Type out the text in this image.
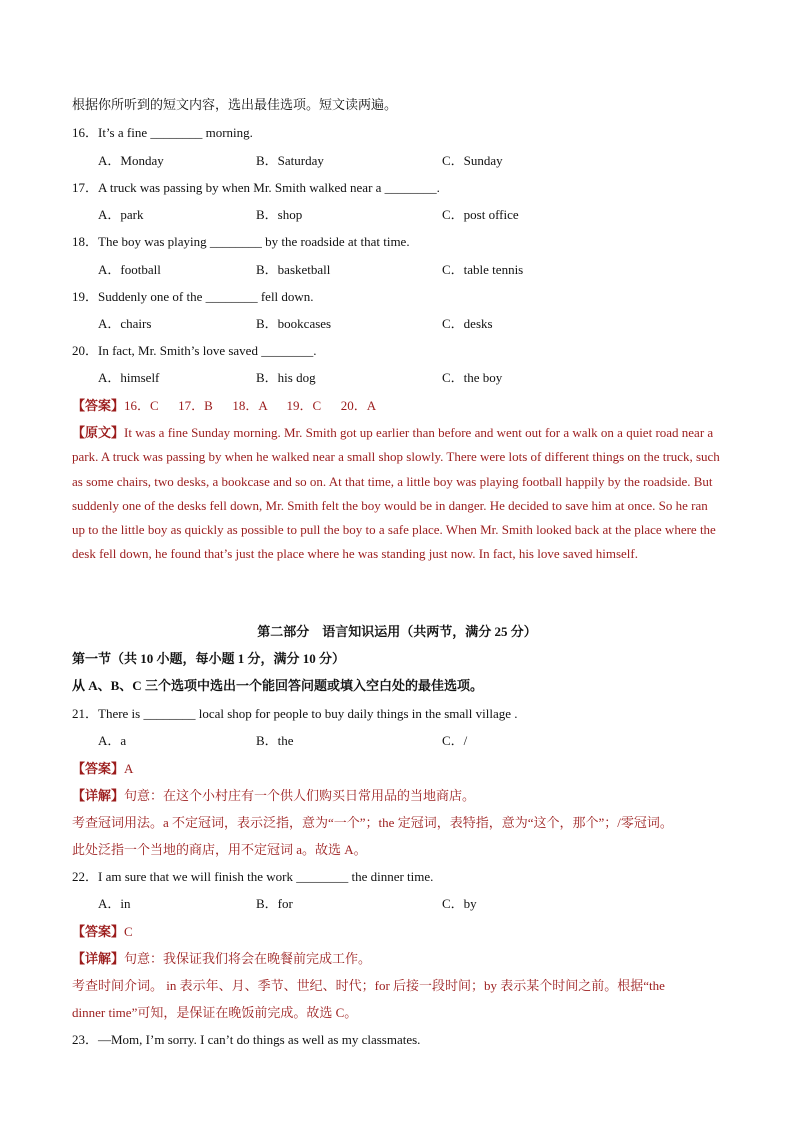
根据你所听到的短文内容，选出最佳选项。短文读两遍。
16．It’s a fine ________ morning.
A．Monday	B．Saturday	C．Sunday
17．A truck was passing by when Mr. Smith walked near a ________.
A．park	B．shop	C．post office
18．The boy was playing ________ by the roadside at that time.
A．football	B．basketball	C．table tennis
19．Suddenly one of the ________ fell down.
A．chairs	B．bookcases	C．desks
20．In fact, Mr. Smith’s love saved ________.
A．himself	B．his dog	C．the boy
【答案】16．C      17．B      18．A      19．C      20．A
【原文】It was a fine Sunday morning. Mr. Smith got up earlier than before and went out for a walk on a quiet road near a park. A truck was passing by when he walked near a small shop slowly. There were lots of different things on the truck, such as some chairs, two desks, a bookcase and so on. At that time, a little boy was playing football happily by the roadside. But suddenly one of the desks fell down, Mr. Smith felt the boy would be in danger. He decided to save him at once. So he ran up to the little boy as quickly as possible to pull the boy to a safe place. When Mr. Smith looked back at the place where the desk fell down, he found that’s just the place where he was standing just now. In fact, his love saved himself.
第二部分　语言知识运用（共两节，满分 25 分）
第一节（共 10 小题，每小题 1 分，满分 10 分）
从 A、B、C 三个选项中选出一个能回答问题或填入空白处的最佳选项。
21．There is ________ local shop for people to buy daily things in the small village .
A．a	B．the	C．/
【答案】A
【详解】句意：在这个小村庄有一个供人们购买日常用品的当地商店。
考查冠词用法。a 不定冠词，表示泛指，意为“一个”；the 定冠词，表特指，意为“这个，那个”；/零冠词。
此处泛指一个当地的商店，用不定冠词 a。故选 A。
22．I am sure that we will finish the work ________ the dinner time.
A．in	B．for	C．by
【答案】C
【详解】句意：我保证我们将会在晚餐前完成工作。
考查时间介词。 in 表示年、月、季节、世纪、时代；for 后接一段时间；by 表示某个时间之前。根据“the
dinner time”可知，是保证在晚饭前完成。故选 C。
23．—Mom, I’m sorry. I can’t do things as well as my classmates.
